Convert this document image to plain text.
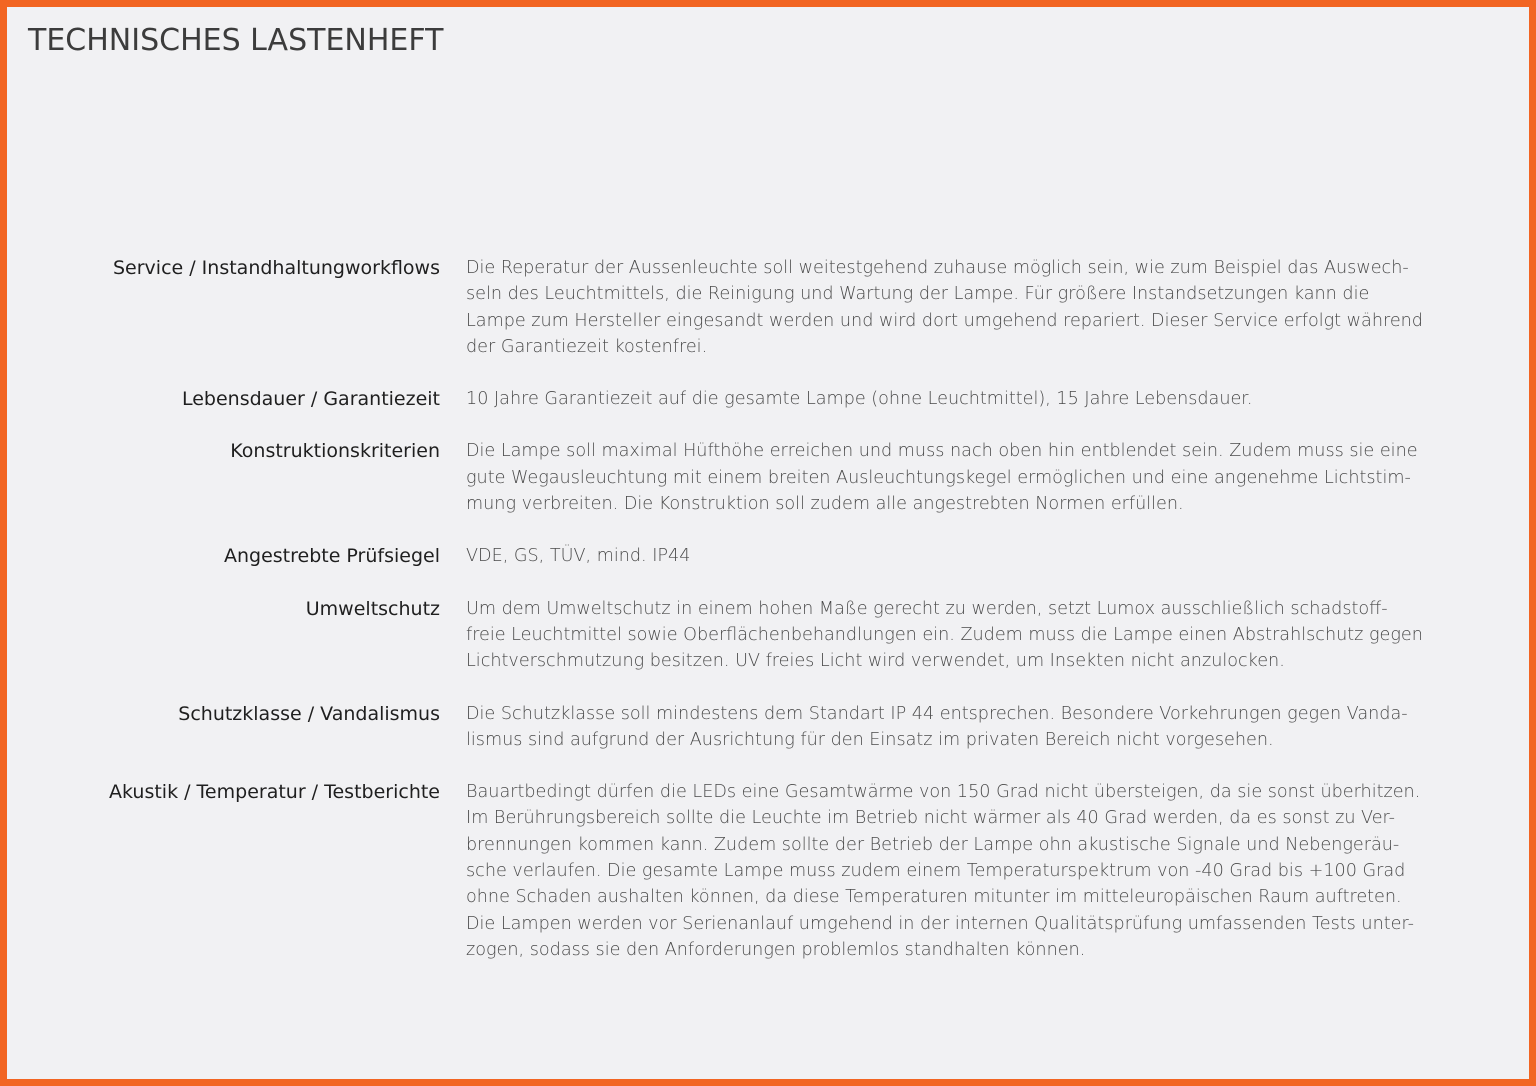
TECHNISCHES LASTENHEFT
Service / Instandhaltungworkflows Die Reperatur der Aussenleuchte soll weitestgehend zuhause möglich sein, wie zum Beispiel das Auswech-
seln des Leuchtmittels, die Reinigung und Wartung der Lampe. Für größere Instandsetzungen kann die
Lampe zum Hersteller eingesandt werden und wird dort umgehend repariert. Dieser Service erfolgt während
der Garantiezeit kostenfrei.
Lebensdauer / Garantiezeit 10 Jahre Garantiezeit auf die gesamte Lampe (ohne Leuchtmittel), 15 Jahre Lebensdauer.
Konstruktionskriterien Die Lampe soll maximal Hüfthöhe erreichen und muss nach oben hin entblendet sein. Zudem muss sie eine
gute Wegausleuchtung mit einem breiten Ausleuchtungskegel ermöglichen und eine angenehme Lichtstim-
mung verbreiten. Die Konstruktion soll zudem alle angestrebten Normen erfüllen.
Angestrebte Prüfsiegel VDE, GS, TÜV, mind. IP44
Umweltschutz Um dem Umweltschutz in einem hohen Maße gerecht zu werden, setzt Lumox ausschließlich schadstoff-
freie Leuchtmittel sowie Oberflächenbehandlungen ein. Zudem muss die Lampe einen Abstrahlschutz gegen
Lichtverschmutzung besitzen. UV freies Licht wird verwendet, um Insekten nicht anzulocken.
Schutzklasse / Vandalismus Die Schutzklasse soll mindestens dem Standart IP 44 entsprechen. Besondere Vorkehrungen gegen Vanda-
lismus sind aufgrund der Ausrichtung für den Einsatz im privaten Bereich nicht vorgesehen.
Akustik / Temperatur / Testberichte Bauartbedingt dürfen die LEDs eine Gesamtwärme von 150 Grad nicht übersteigen, da sie sonst überhitzen.
Im Berührungsbereich sollte die Leuchte im Betrieb nicht wärmer als 40 Grad werden, da es sonst zu Ver-
brennungen kommen kann. Zudem sollte der Betrieb der Lampe ohn akustische Signale und Nebengeräu-
sche verlaufen. Die gesamte Lampe muss zudem einem Temperaturspektrum von -40 Grad bis +100 Grad
ohne Schaden aushalten können, da diese Temperaturen mitunter im mitteleuropäischen Raum auftreten.
Die Lampen werden vor Serienanlauf umgehend in der internen Qualitätsprüfung umfassenden Tests unter-
zogen, sodass sie den Anforderungen problemlos standhalten können.
